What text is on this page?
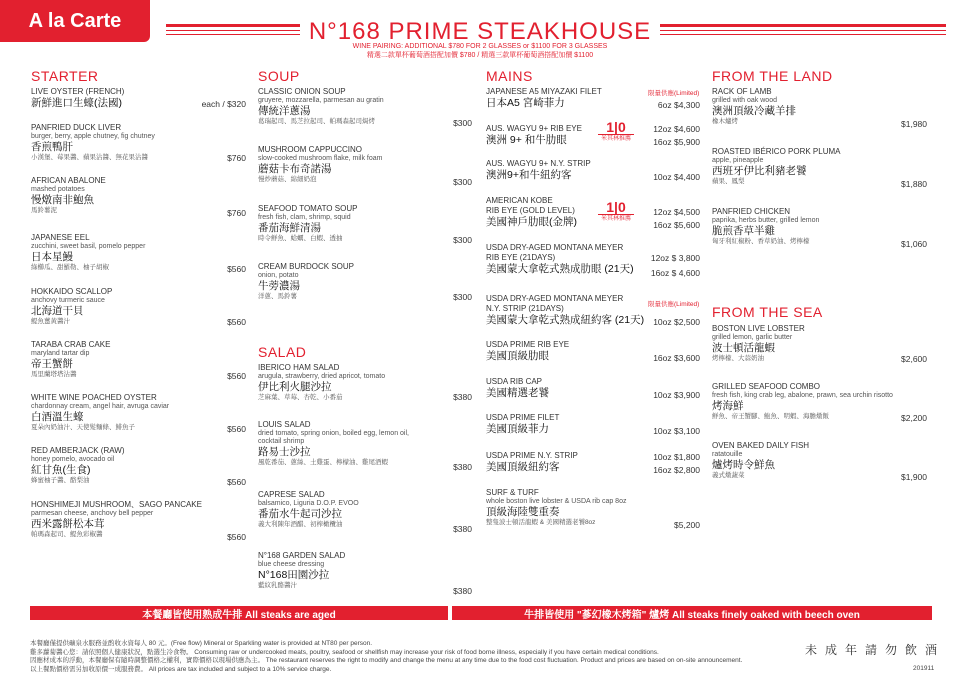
A la Carte	N°168 PRIME STEAKHOUSE
WINE PAIRING: ADDITIONAL $780 FOR 2 GLASSES or $1100 FOR 3 GLASSES
精選二款單杯葡萄酒搭配加價 $780 / 精選三款單杯葡萄酒搭配加價 $1100
STARTER	SOUP
SALAD
MAINS	FROM THE LAND
FROM THE SEA
LIVE OYSTER (FRENCH)
新鮮進口生蠔(法國)	each / $320
PANFRIED DUCK LIVER
burger, berry, apple chutney, fig chutney
香煎鴨肝
小漢堡、莓果醬、蘋果沾醬、無花果沾醬	$760
AFRICAN ABALONE
mashed potatoes
慢燉南非鮑魚
馬鈴薯泥	$760
JAPANESE EEL
zucchini, sweet basil, pomelo pepper
日本星鰻
綠櫛瓜、甜羅勒、柚子胡椒	$560
HOKKAIDO SCALLOP
anchovy turmeric sauce
北海道干貝
鯷魚薑黃醬汁	$560
TARABA CRAB CAKE
maryland tartar dip
帝王蟹餅
馬里蘭塔塔沾醬	$560
WHITE WINE POACHED OYSTER
chardonnay cream, angel hair, avruga caviar
白酒溫生蠔
夏朵內奶油汁、天使髮麵條、鯡魚子	$560
RED AMBERJACK (RAW)
honey pomelo, avocado oil
紅甘魚(生食)
蜂蜜柚子醬、酪梨油	$560
HONSHIMEJI MUSHROOM、SAGO PANCAKE
parmesan cheese, anchovy bell pepper
西米露餅松本茸
帕瑪森起司、鯷魚彩椒醬	$560
CLASSIC ONION SOUP
gruyere, mozzarella, parmesan au gratin
傳統洋蔥湯
葛瑞起司、馬芝拉起司、帕瑪森起司焗烤	$300
MUSHROOM CAPPUCCINO
slow-cooked mushroom flake, milk foam
蘑菇卡布奇諾湯
慢炒蘑菇、綿細奶泡	$300
SEAFOOD TOMATO SOUP
fresh fish, clam, shrimp, squid
番茄海鮮清湯
時令鮮魚、蛤蠣、白蝦、透抽	$300
CREAM BURDOCK SOUP
onion, potato
牛蒡濃湯
洋蔥、馬鈴薯	$300
IBERICO HAM SALAD
arugula, strawberry, dried apricot, tomato
伊比利火腿沙拉
芝麻葉、草莓、杏乾、小番茄	$380
LOUIS SALAD
dried tomato, spring onion, boiled egg, lemon oil, cocktail shrimp
路易士沙拉
風乾番茄、蔥絲、土雞蛋、檸檬油、雞尾酒蝦	$380
CAPRESE SALAD
balsamico, Liguria D.O.P. EVOO
番茄水牛起司沙拉
義大利陳年酒醋、初榨橄欖油	$380
N°168 GARDEN SALAD
blue cheese dressing
N°168田園沙拉
藍紋乳酪醬汁
$380
JAPANESE A5 MIYAZAKI FILET
日本A5 宮崎菲力
限量供應(Limited)
6oz $4,300
AUS. WAGYU 9+ RIB EYE
澳洲 9+ 和牛肋眼
1|0
米其林推薦
12oz $4,600
16oz $5,900
AUS. WAGYU 9+ N.Y. STRIP
澳洲9+和牛紐約客	10oz $4,400
AMERICAN KOBE
RIB EYE (GOLD LEVEL)
美國神戶肋眼(金牌)
1|0
米其林推薦
12oz $4,500
16oz $5,600
USDA DRY-AGED MONTANA MEYER
RIB EYE (21DAYS)
美國蒙大拿乾式熟成肋眼 (21天)
12oz $ 3,800
16oz $ 4,600
USDA DRY-AGED MONTANA MEYER
N.Y. STRIP (21DAYS)
美國蒙大拿乾式熟成紐約客 (21天)
限量供應(Limited)
10oz $2,500
USDA PRIME RIB EYE
美國頂級肋眼	16oz $3,600
USDA RIB CAP
美國精選老饕	10oz $3,900
USDA PRIME FILET
美國頂級菲力	10oz $3,100
USDA PRIME N.Y. STRIP
美國頂級紐約客
10oz $1,800
16oz $2,800
SURF & TURF
whole boston live lobster & USDA rib cap 8oz
頂級海陸雙重奏
整隻波士頓活龍蝦 & 美國精選老饕8oz	$5,200
RACK OF LAMB
grilled with oak wood
澳洲頂級冷藏羊排
橡木爐烤	$1,980
ROASTED IBÉRICO PORK PLUMA
apple, pineapple
西班牙伊比利豬老饕
蘋果、鳳梨	$1,880
PANFRIED CHICKEN
paprika, herbs butter, grilled lemon
脆煎香草半雞
匈牙利紅椒粉、香草奶油、烤檸檬	$1,060
BOSTON LIVE LOBSTER
grilled lemon, garlic butter
波士頓活龍蝦
烤檸檬、大蒜奶油	$2,600
GRILLED SEAFOOD COMBO
fresh fish, king crab leg, abalone, prawn, sea urchin risotto
烤海鮮
鮮魚、帝王蟹腳、鮑魚、明蝦、海膽燉飯	$2,200
OVEN BAKED DAILY FISH
ratatouille
爐烤時令鮮魚
義式燉蔬菜	$1,900
本餐廳皆使用熟成牛排 All steaks are aged	牛排皆使用 "蔘幻橡木烤箱" 爐烤 All steaks finely oaked with beech oven
本餐廳僅提供礦泉水服務並酌收水資每人 80 元。(Free flow) Mineral or Sparkling water is provided at NT80 per person.
雞多蘿蔔醬心您：請依照個人健康狀況，點選生冷食物。 Consuming raw or undercooked meats, poultry, seafood or shellfish may increase your risk of food borne illness, especially if you have certain medical conditions.
因應材成本的浮動，本餐廳保有隨時調整價格之權利，實際價格以現場供應為主。 The restaurant reserves the right to modify and change the menu at any time due to the food cost fluctuation. Product and prices are based on on-site announcement.
以上餐點價格需另加收原價一成服務費。 All prices are tax included and subject to a 10% service charge.
未成年請勿飲酒
201911
